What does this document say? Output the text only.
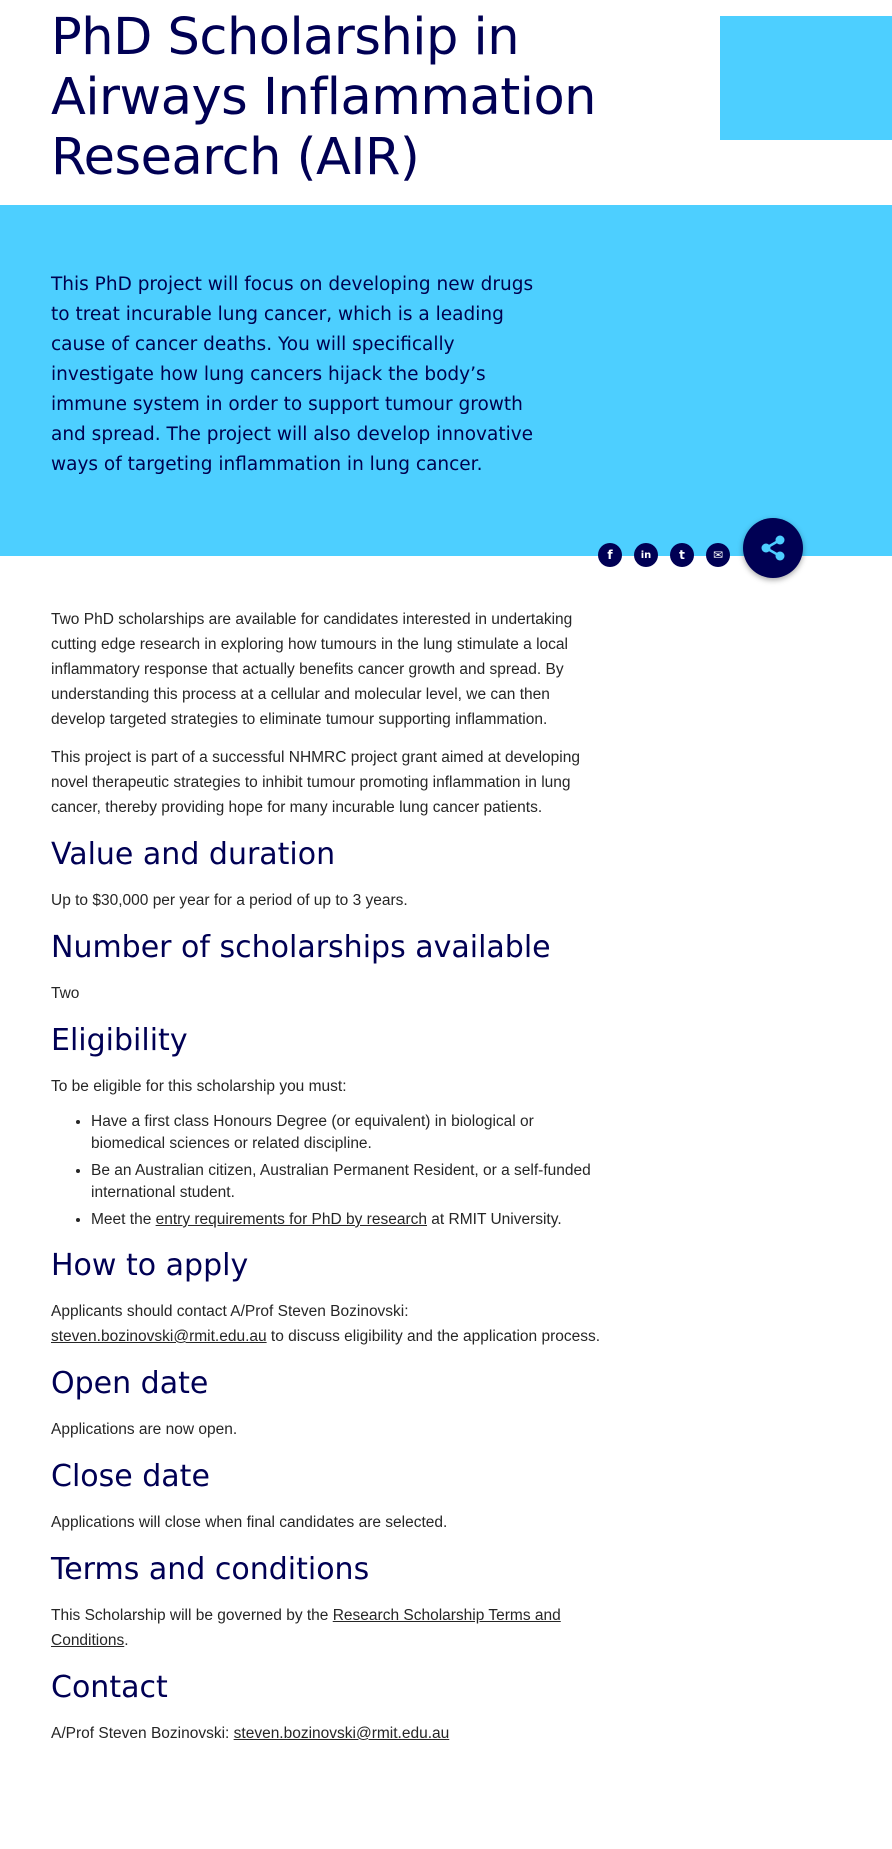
PhD Scholarship in Airways Inflammation Research (AIR)

This PhD project will focus on developing new drugs to treat incurable lung cancer, which is a leading cause of cancer deaths. You will specifically investigate how lung cancers hijack the body’s immune system in order to support tumour growth and spread. The project will also develop innovative ways of targeting inflammation in lung cancer.

f	in t ✉

Two PhD scholarships are available for candidates interested in undertaking cutting edge research in exploring how tumours in the lung stimulate a local inflammatory response that actually benefits cancer growth and spread. By understanding this process at a cellular and molecular level, we can then develop targeted strategies to eliminate tumour supporting inflammation.

This project is part of a successful NHMRC project grant aimed at developing novel therapeutic strategies to inhibit tumour promoting inflammation in lung cancer, thereby providing hope for many incurable lung cancer patients.

Value and duration

Up to $30,000 per year for a period of up to 3 years.

Number of scholarships available

Two

Eligibility

To be eligible for this scholarship you must:

• Have a first class Honours Degree (or equivalent) in biological or biomedical sciences or related discipline.
• Be an Australian citizen, Australian Permanent Resident, or a self-funded international student.
• Meet the entry requirements for PhD by research at RMIT University.
How to apply

Applicants should contact A/Prof Steven Bozinovski: steven.bozinovski@rmit.edu.au to discuss eligibility and the application process.

Open date

Applications are now open.

Close date

Applications will close when final candidates are selected.

Terms and conditions

This Scholarship will be governed by the Research Scholarship Terms and Conditions.

Contact

A/Prof Steven Bozinovski: steven.bozinovski@rmit.edu.au
